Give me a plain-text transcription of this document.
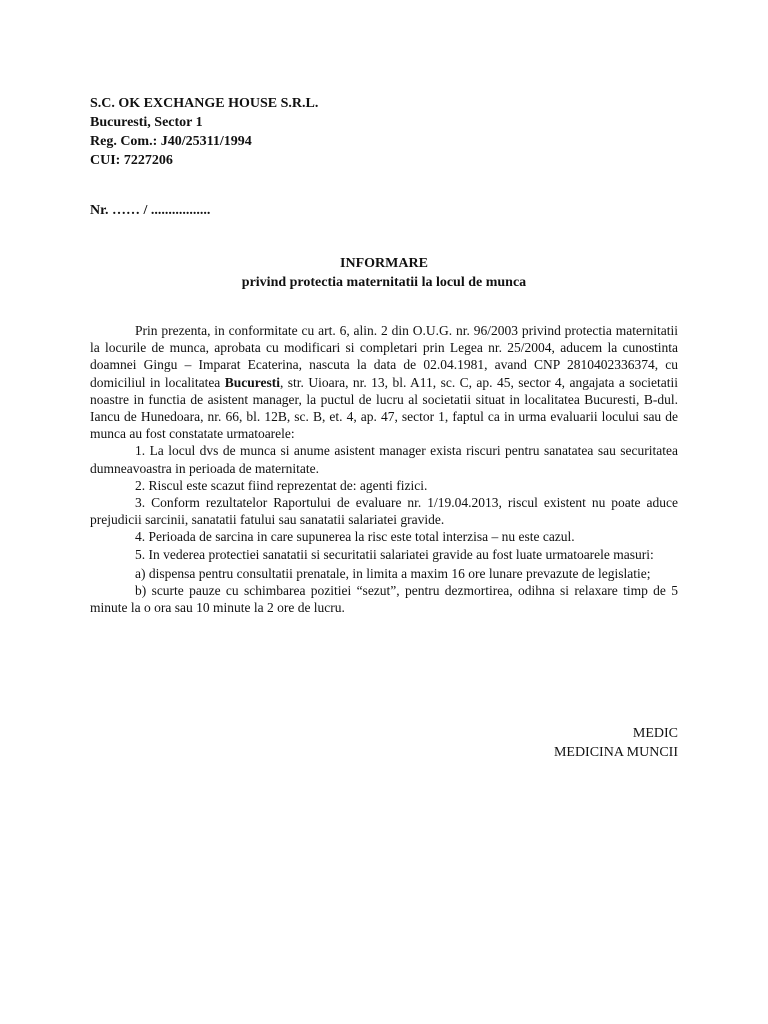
S.C. OK EXCHANGE HOUSE S.R.L.
Bucuresti, Sector 1
Reg. Com.: J40/25311/1994
CUI: 7227206
Nr. …… / .................
INFORMARE
privind protectia maternitatii la locul de munca

Prin prezenta, in conformitate cu art. 6, alin. 2 din O.U.G. nr. 96/2003 privind protectia maternitatii la locurile de munca, aprobata cu modificari si completari prin Legea nr. 25/2004, aducem la cunostinta doamnei Gingu – Imparat Ecaterina, nascuta la data de 02.04.1981, avand CNP 2810402336374, cu domiciliul in localitatea Bucuresti, str. Uioara, nr. 13, bl. A11, sc. C, ap. 45, sector 4, angajata a societatii noastre in functia de asistent manager, la puctul de lucru al societatii situat in localitatea Bucuresti, B-dul. Iancu de Hunedoara, nr. 66, bl. 12B, sc. B, et. 4, ap. 47, sector 1, faptul ca in urma evaluarii locului sau de munca au fost constatate urmatoarele:

1. La locul dvs de munca si anume asistent manager exista riscuri pentru sanatatea sau securitatea dumneavoastra in perioada de maternitate.

2. Riscul este scazut fiind reprezentat de: agenti fizici.

3. Conform rezultatelor Raportului de evaluare nr. 1/19.04.2013, riscul existent nu poate aduce prejudicii sarcinii, sanatatii fatului sau sanatatii salariatei gravide.

4. Perioada de sarcina in care supunerea la risc este total interzisa – nu este cazul.

5. In vederea protectiei sanatatii si securitatii salariatei gravide au fost luate urmatoarele masuri:

a) dispensa pentru consultatii prenatale, in limita a maxim 16 ore lunare prevazute de legislatie;

b) scurte pauze cu schimbarea pozitiei “sezut”, pentru dezmortirea, odihna si relaxare timp de 5 minute la o ora sau 10 minute la 2 ore de lucru.

MEDIC
MEDICINA MUNCII
